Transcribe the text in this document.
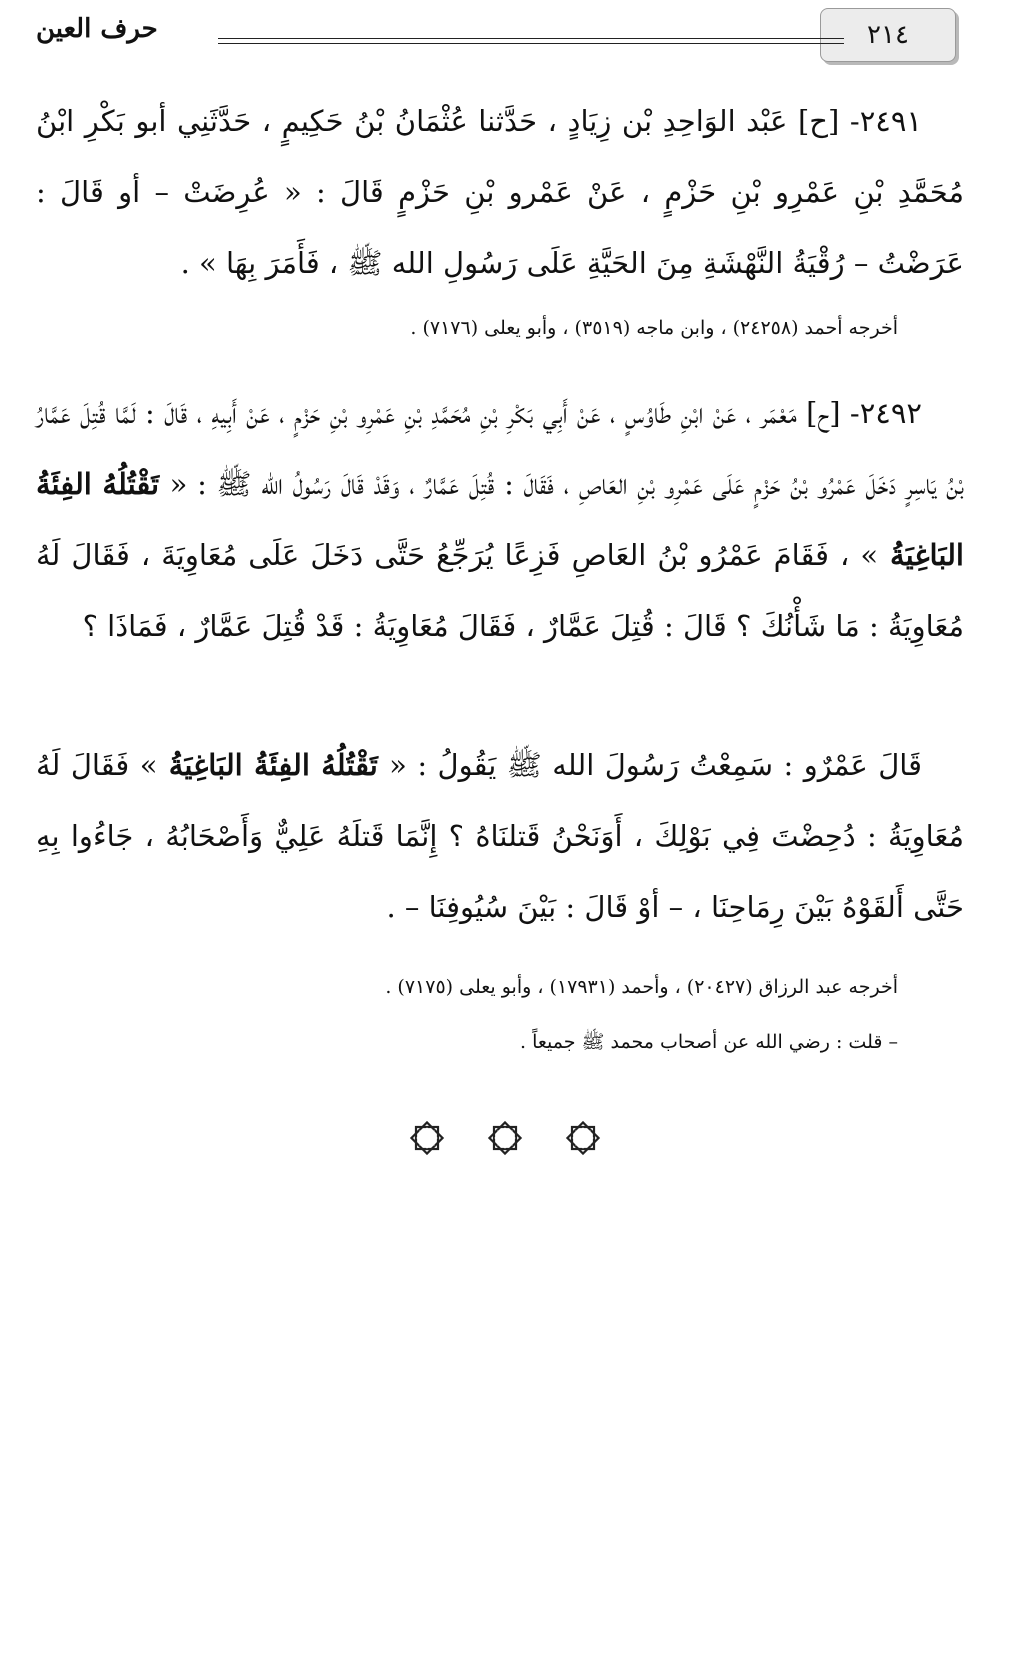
٢١٤
حرف العين

٢٤٩١- [ح] عَبْد الوَاحِدِ بْن زِيَادٍ ، حَدَّثنا عُثْمَانُ بْنُ حَكِيمٍ ، حَدَّثَنِي أبو بَكْرِ ابْنُ مُحَمَّدِ بْنِ عَمْرِو بْنِ حَزْمٍ ، عَنْ عَمْرو بْنِ حَزْمٍ قَالَ : « عُرِضَتْ – أو قَالَ : عَرَضْتُ – رُقْيَةُ النَّهْشَةِ مِنَ الحَيَّةِ عَلَى رَسُولِ الله ﷺ ، فَأَمَرَ بِهَا » .

أخرجه أحمد (٢٤٢٥٨) ، وابن ماجه (٣٥١٩) ، وأبو يعلى (٧١٧٦) .

٢٤٩٢- [ح] مَعْمَر ، عَنْ ابْنِ طَاوُسٍ ، عَنْ أَبِي بَكْرِ بْنِ مُحَمَّدِ بْنِ عَمْرِو بْنِ حَزْمٍ ، عَنْ أَبِيهِ ، قَالَ : لَمَّا قُتِلَ عَمَّارُ بْنُ يَاسِرٍ دَخَلَ عَمْرُو بْنُ حَزْمٍ عَلَى عَمْرِو بْنِ العَاصِ ، فَقَالَ : قُتِلَ عَمَّارٌ ، وَقَدْ قَالَ رَسُولُ الله ﷺ : « تَقْتُلُهُ الفِئَةُ البَاغِيَةُ » ، فَقَامَ عَمْرُو بْنُ العَاصِ فَزِعًا يُرَجِّعُ حَتَّى دَخَلَ عَلَى مُعَاوِيَةَ ، فَقَالَ لَهُ مُعَاوِيَةُ : مَا شَأْنُكَ ؟ قَالَ : قُتِلَ عَمَّارٌ ، فَقَالَ مُعَاوِيَةُ : قَدْ قُتِلَ عَمَّارٌ ، فَمَاذَا ؟

قَالَ عَمْرٌو : سَمِعْتُ رَسُولَ الله ﷺ يَقُولُ : « تَقْتُلُهُ الفِئَةُ البَاغِيَةُ » فَقَالَ لَهُ مُعَاوِيَةُ : دُحِضْتَ فِي بَوْلِكَ ، أَوَنَحْنُ قَتلنَاهُ ؟ إِنَّمَا قَتلَهُ عَلِيٌّ وَأَصْحَابُهُ ، جَاءُوا بِهِ حَتَّى أَلقَوْهُ بَيْنَ رِمَاحِنَا ، – أوْ قَالَ : بَيْنَ سُيُوفِنَا – .

أخرجه عبد الرزاق (٢٠٤٢٧) ، وأحمد (١٧٩٣١) ، وأبو يعلى (٧١٧٥) .
– قلت : رضي الله عن أصحاب محمد ﷺ جميعاً .
